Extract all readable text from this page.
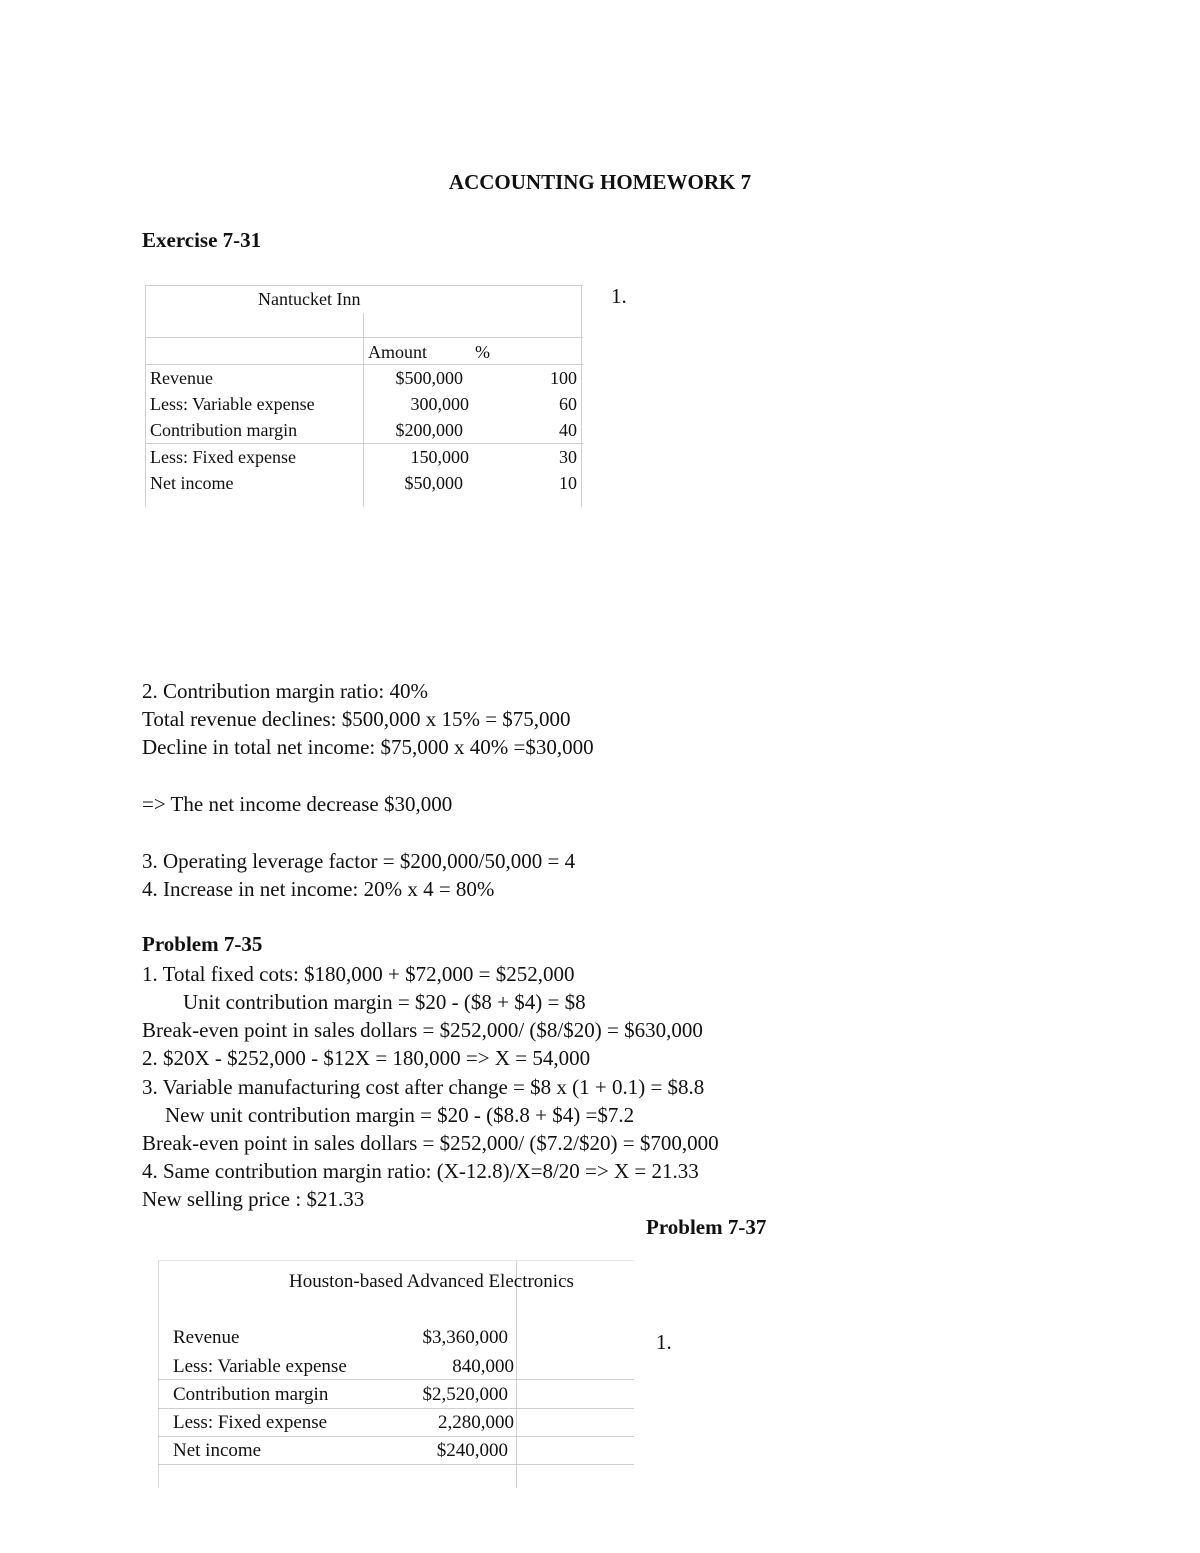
ACCOUNTING HOMEWORK 7
Exercise 7-31
Nantucket Inn
Amount	%
Revenue	$500,000	100
Less: Variable expense	300,000	60
Contribution margin	$200,000	40
Less: Fixed expense	150,000	30
Net income	$50,000	10
1.
2. Contribution margin ratio: 40%
Total revenue declines: $500,000 x 15% = $75,000
Decline in total net income: $75,000 x 40% =$30,000
=> The net income decrease $30,000
3. Operating leverage factor = $200,000/50,000 = 4
4. Increase in net income: 20% x 4 = 80%
Problem 7-35
1. Total fixed cots: $180,000 + $72,000 = $252,000
Unit contribution margin = $20 - ($8 + $4) = $8
Break-even point in sales dollars = $252,000/ ($8/$20) = $630,000
2. $20X - $252,000 - $12X = 180,000 => X = 54,000
3. Variable manufacturing cost after change = $8 x (1 + 0.1) = $8.8
New unit contribution margin = $20 - ($8.8 + $4) =$7.2
Break-even point in sales dollars = $252,000/ ($7.2/$20) = $700,000
4. Same contribution margin ratio: (X-12.8)/X=8/20 => X = 21.33
New selling price : $21.33
Problem 7-37
Houston-based Advanced Electronics
Revenue	$3,360,000
Less: Variable expense	840,000
Contribution margin	$2,520,000
Less: Fixed expense	2,280,000
Net income	$240,000
1.
